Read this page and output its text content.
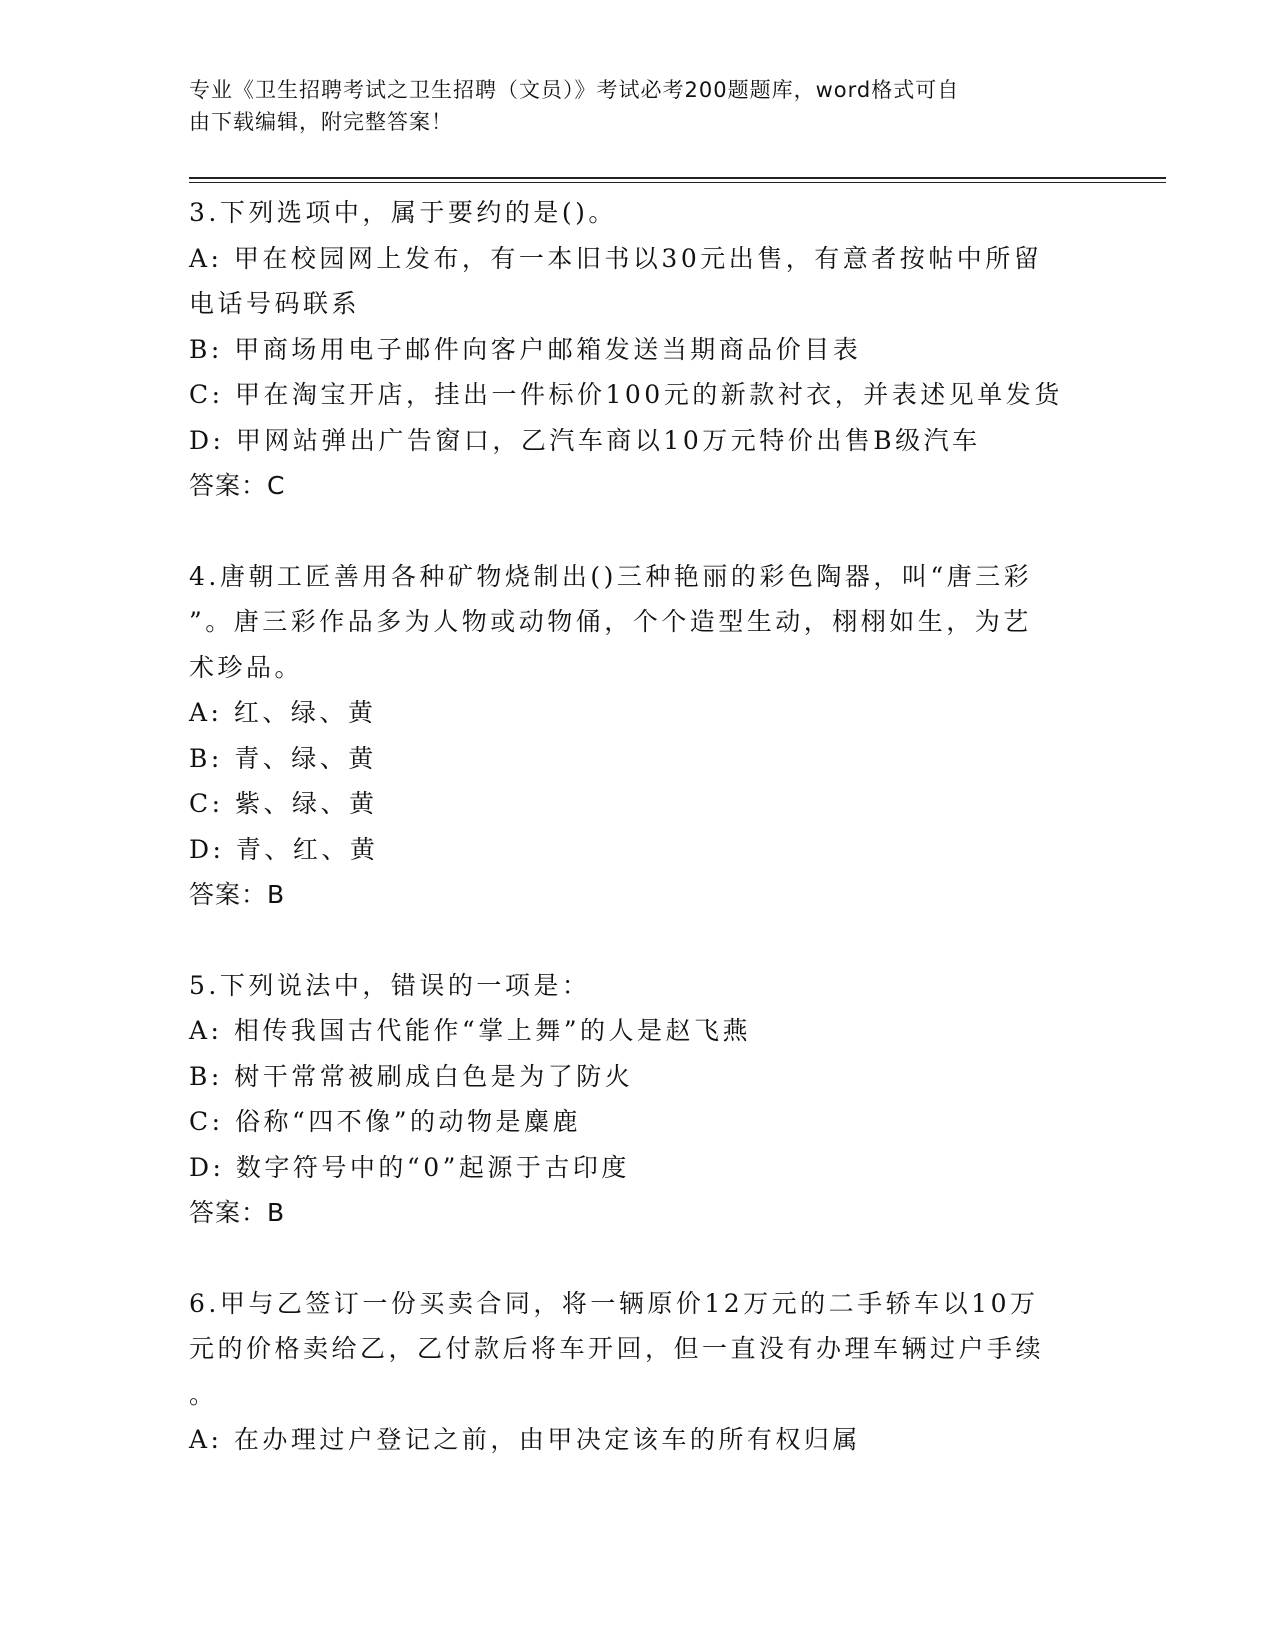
专业《卫生招聘考试之卫生招聘（文员）》考试必考200题题库，word格式可自
由下载编辑，附完整答案！

3.下列选项中，属于要约的是()。

A: 甲在校园网上发布，有一本旧书以30元出售，有意者按帖中所留

电话号码联系

B: 甲商场用电子邮件向客户邮箱发送当期商品价目表

C: 甲在淘宝开店，挂出一件标价100元的新款衬衣，并表述见单发货

D: 甲网站弹出广告窗口，乙汽车商以10万元特价出售B级汽车

答案：C

4.唐朝工匠善用各种矿物烧制出()三种艳丽的彩色陶器，叫“唐三彩

”。唐三彩作品多为人物或动物俑，个个造型生动，栩栩如生，为艺

术珍品。

A: 红、绿、黄

B: 青、绿、黄

C: 紫、绿、黄

D: 青、红、黄

答案：B

5.下列说法中，错误的一项是：

A: 相传我国古代能作“掌上舞”的人是赵飞燕

B: 树干常常被刷成白色是为了防火

C: 俗称“四不像”的动物是麋鹿

D: 数字符号中的“0”起源于古印度

答案：B

6.甲与乙签订一份买卖合同，将一辆原价12万元的二手轿车以10万

元的价格卖给乙，乙付款后将车开回，但一直没有办理车辆过户手续

。

A: 在办理过户登记之前，由甲决定该车的所有权归属
